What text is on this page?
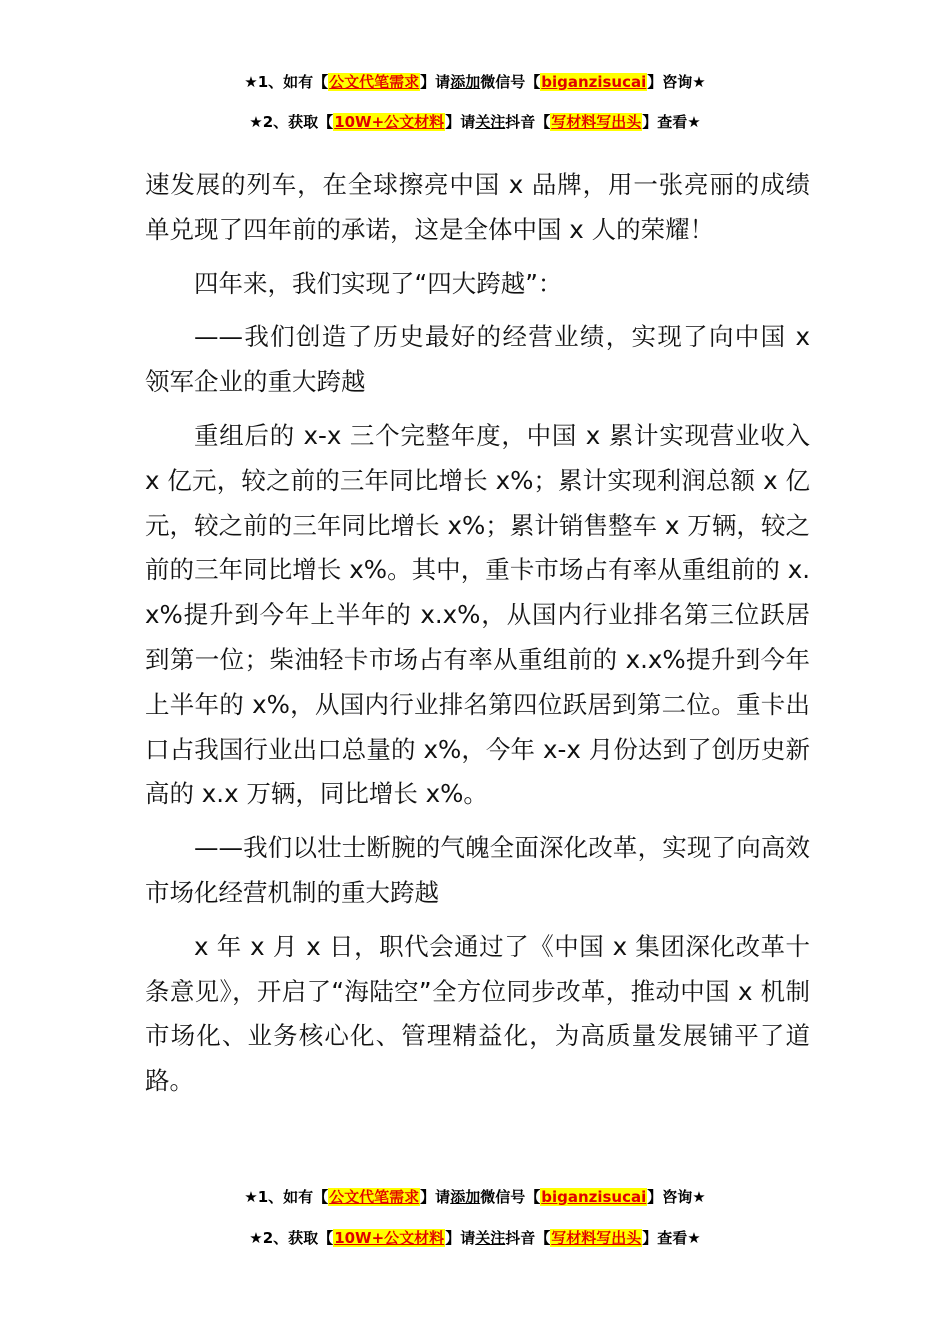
★1、如有【公文代笔需求】请添加微信号【biganzisucai】咨询★
★2、获取【10W+公文材料】请关注抖音【写材料写出头】查看★

速发展的列车，在全球擦亮中国 x 品牌，用一张亮丽的成绩单兑现了四年前的承诺，这是全体中国 x 人的荣耀！

四年来，我们实现了“四大跨越”：

——我们创造了历史最好的经营业绩，实现了向中国 x 领军企业的重大跨越

重组后的 x-x 三个完整年度，中国 x 累计实现营业收入 x 亿元，较之前的三年同比增长 x%；累计实现利润总额 x 亿元，较之前的三年同比增长 x%；累计销售整车 x 万辆，较之前的三年同比增长 x%。其中，重卡市场占有率从重组前的 x.x%提升到今年上半年的 x.x%，从国内行业排名第三位跃居到第一位；柴油轻卡市场占有率从重组前的 x.x%提升到今年上半年的 x%，从国内行业排名第四位跃居到第二位。重卡出口占我国行业出口总量的 x%，今年 x-x 月份达到了创历史新高的 x.x 万辆，同比增长 x%。

——我们以壮士断腕的气魄全面深化改革，实现了向高效市场化经营机制的重大跨越

x 年 x 月 x 日，职代会通过了《中国 x 集团深化改革十条意见》，开启了“海陆空”全方位同步改革，推动中国 x 机制市场化、业务核心化、管理精益化，为高质量发展铺平了道路。

★1、如有【公文代笔需求】请添加微信号【biganzisucai】咨询★
★2、获取【10W+公文材料】请关注抖音【写材料写出头】查看★
